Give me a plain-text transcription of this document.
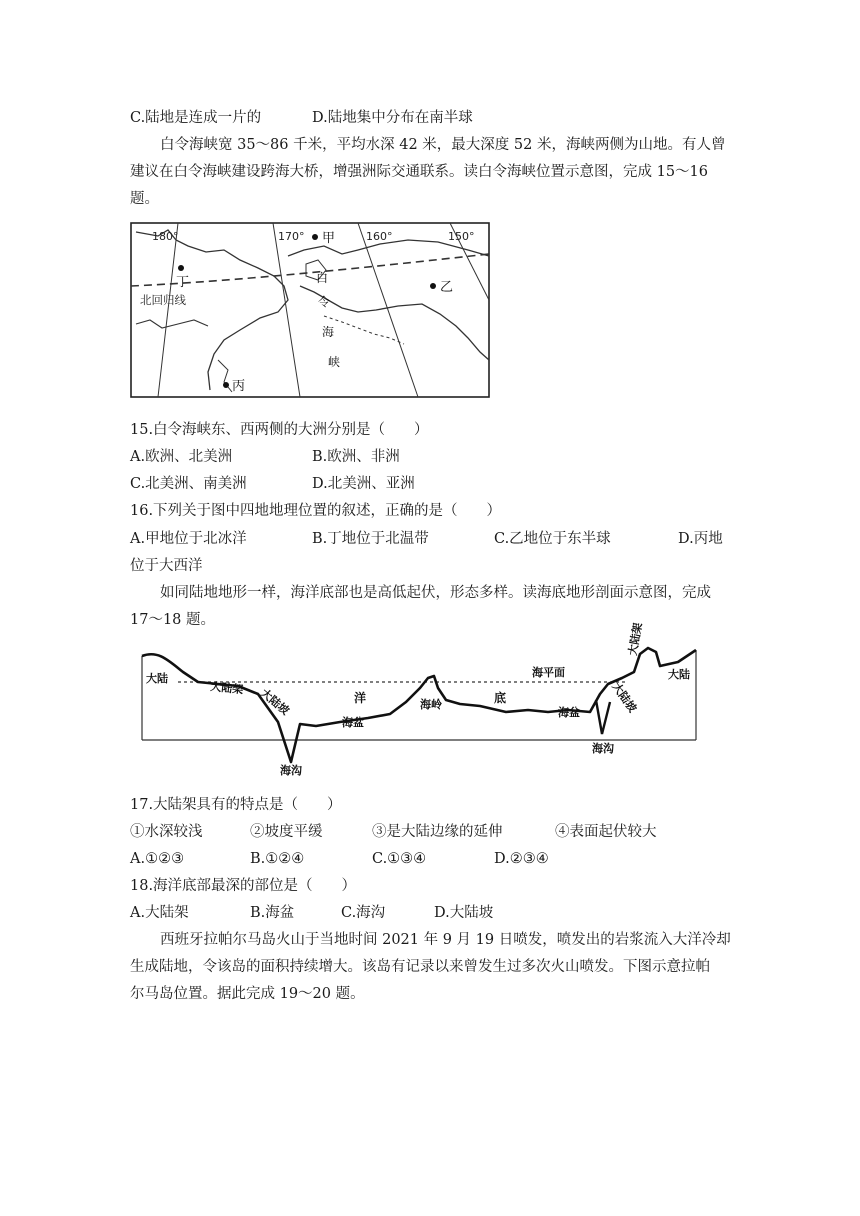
C.陆地是连成一片的	D.陆地集中分布在南半球
白令海峡宽 35～86 千米，平均水深 42 米，最大深度 52 米，海峡两侧为山地。有人曾
建议在白令海峡建设跨海大桥，增强洲际交通联系。读白令海峡位置示意图，完成 15～16
题。
180°	170°	160°	150°
北回归线
甲
乙
丙
丁	白
令
海
峡
15.白令海峡东、西两侧的大洲分别是（　　）
A.欧洲、北美洲	B.欧洲、非洲
C.北美洲、南美洲	D.北美洲、亚洲
16.下列关于图中四地地理位置的叙述，正确的是（　　）
A.甲地位于北冰洋	B.丁地位于北温带	C.乙地位于东半球	D.丙地
位于大西洋
如同陆地地形一样，海洋底部也是高低起伏，形态多样。读海底地形剖面示意图，完成
17～18 题。
大陆
大陆架 大陆坡
海沟
洋
海盆
海岭	底
海平面
海盆	大陆坡
海沟
大陆架
大陆
17.大陆架具有的特点是（　　）
①水深较浅	②坡度平缓	③是大陆边缘的延伸	④表面起伏较大
A.①②③	B.①②④	C.①③④	D.②③④
18.海洋底部最深的部位是（　　）
A.大陆架	B.海盆	C.海沟	D.大陆坡
西班牙拉帕尔马岛火山于当地时间 2021 年 9 月 19 日喷发，喷发出的岩浆流入大洋冷却
生成陆地，令该岛的面积持续增大。该岛有记录以来曾发生过多次火山喷发。下图示意拉帕
尔马岛位置。据此完成 19～20 题。
